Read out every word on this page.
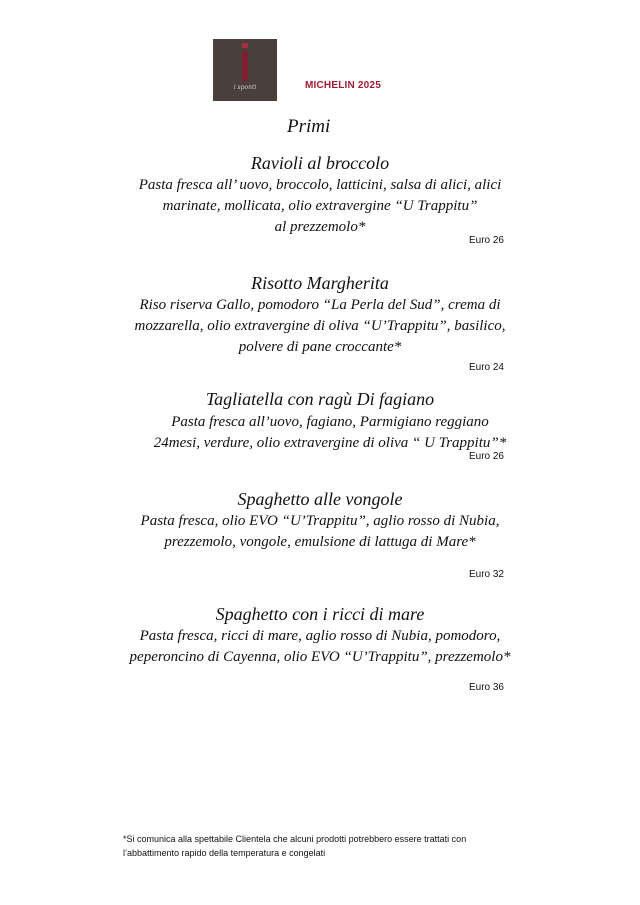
i sponti	MICHELIN 2025
Primi
Ravioli al broccolo
Pasta fresca all’ uovo, broccolo, latticini, salsa di alici, alici
marinate, mollicata, olio extravergine “U Trappitu”
al prezzemolo*
Euro 26
Risotto Margherita
Riso riserva Gallo, pomodoro “La Perla del Sud”, crema di
mozzarella, olio extravergine di oliva “U’Trappitu”, basilico,
polvere di pane croccante*
Euro 24
Tagliatella con ragù Di fagiano
Pasta fresca all’uovo, fagiano, Parmigiano reggiano
24mesi, verdure, olio extravergine di oliva “ U Trappitu”*
Euro 26
Spaghetto alle vongole
Pasta fresca, olio EVO “U’Trappitu”, aglio rosso di Nubia,
prezzemolo, vongole, emulsione di lattuga di Mare*
Euro 32
Spaghetto con i ricci di mare
Pasta fresca, ricci di mare, aglio rosso di Nubia, pomodoro,
peperoncino di Cayenna, olio EVO “U’Trappitu”, prezzemolo*
Euro 36
*Si comunica alla spettabile Clientela che alcuni prodotti potrebbero essere trattati con
l’abbattimento rapido della temperatura e congelati
